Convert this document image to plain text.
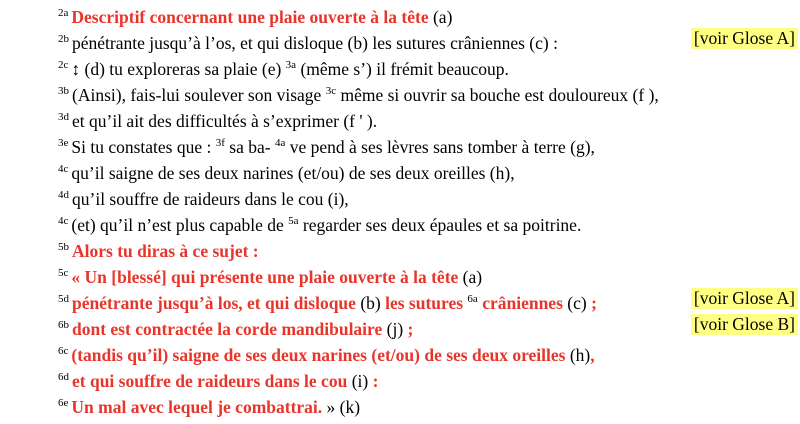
$^{2a}$ Descriptif concernant une plaie ouverte à la tête (a)
$^{2b}$ pénétrante jusqu’à l’os, et qui disloque (b) les sutures crâniennes (c) :	[voir Glose A]
$^{2c}$ ↕ (d) tu exploreras sa plaie (e) $^{3a}$ (même s’) il frémit beaucoup.
$^{3b}$ (Ainsi), fais-lui soulever son visage $^{3c}$ même si ouvrir sa bouche est douloureux (f ),
$^{3d}$ et qu’il ait des difficultés à s’exprimer (f ' ).
$^{3e}$ Si tu constates que : $^{3f}$ sa ba- $^{4a}$ ve pend à ses lèvres sans tomber à terre (g),
$^{4c}$ qu’il saigne de ses deux narines (et/ou) de ses deux oreilles (h),
$^{4d}$ qu’il souffre de raideurs dans le cou (i),
$^{4c}$ (et) qu’il n’est plus capable de $^{5a}$ regarder ses deux épaules et sa poitrine.
$^{5b}$ Alors tu diras à ce sujet :
$^{5c}$ « Un [blessé] qui présente une plaie ouverte à la tête (a)
$^{5d}$ pénétrante jusqu’à los, et qui disloque (b) les sutures $^{6a}$ crâniennes (c) ;	[voir Glose A]
$^{6b}$ dont est contractée la corde mandibulaire (j) ;	[voir Glose B]
$^{6c}$ (tandis qu’il) saigne de ses deux narines (et/ou) de ses deux oreilles (h),
$^{6d}$ et qui souffre de raideurs dans le cou (i) :
$^{6e}$ Un mal avec lequel je combattrai. » (k)
